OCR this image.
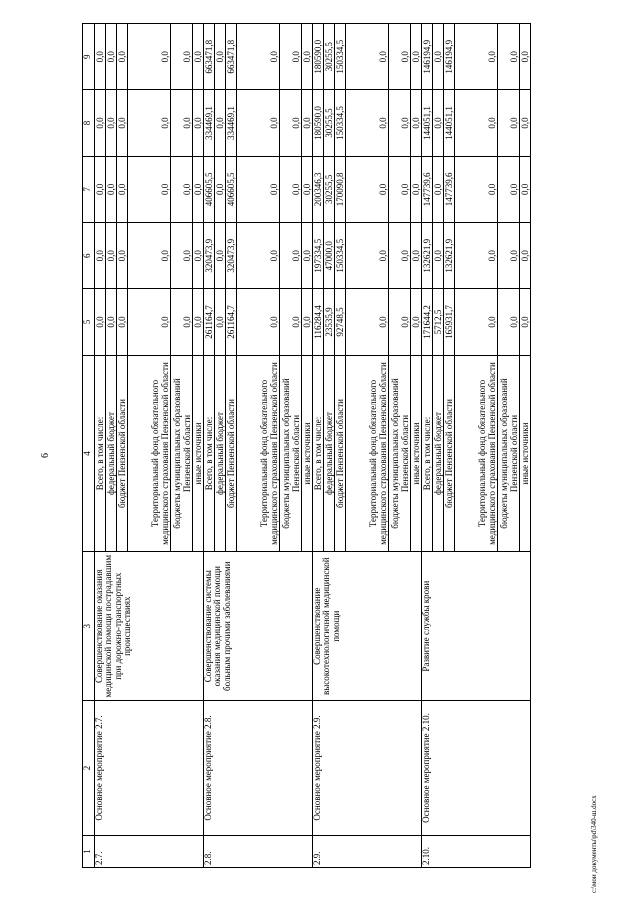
6
1	2	3	4	5	6	7	8	9
2.7.	Основное мероприятие 2.7.	Совершенствование оказания медицинской помощи пострадавшим при дорожно-транспортных происшествиях	Всего, в том числе:	0,0	0,0	0,0	0,0	0,0
			федеральный бюджет	0,0	0,0	0,0	0,0	0,0
			бюджет Пензенской области	0,0	0,0	0,0	0,0	0,0
			Территориальный фонд обязательного медицинского страхования Пензенской области	0,0	0,0	0,0	0,0	0,0
			бюджеты муниципальных образований Пензенской области	0,0	0,0	0,0	0,0	0,0
			иные источники	0,0	0,0	0,0	0,0	0,0
2.8.	Основное мероприятие 2.8.	Совершенствование системы оказания медицинской помощи больным прочими заболеваниями	Всего, в том числе:	261164,7	320473,9	406605,5	334469,1	663471,8
			федеральный бюджет	0,0	0,0	0,0	0,0	0,0
			бюджет Пензенской области	261164,7	320473,9	406605,5	334469,1	663471,8
			Территориальный фонд обязательного медицинского страхования Пензенской области	0,0	0,0	0,0	0,0	0,0
			бюджеты муниципальных образований Пензенской области	0,0	0,0	0,0	0,0	0,0
			иные источники	0,0	0,0	0,0	0,0	0,0
2.9.	Основное мероприятие 2.9.	Совершенствование высокотехнологичной медицинской помощи	Всего, в том числе:	116284,4	197334,5	200346,3	180590,0	180590,0
			федеральный бюджет	23535,9	47000,0	30255,5	30255,5	30255,5
			бюджет Пензенской области	92748,5	150334,5	170090,8	150334,5	150334,5
			Территориальный фонд обязательного медицинского страхования Пензенской области	0,0	0,0	0,0	0,0	0,0
			бюджеты муниципальных образований Пензенской области	0,0	0,0	0,0	0,0	0,0
			иные источники	0,0	0,0	0,0	0,0	0,0
2.10.	Основное мероприятие 2.10.	Развитие службы крови	Всего, в том числе:	171644,2	132621,9	147739,6	144051,1	146194,9
			федеральный бюджет	5712,5	0,0	0,0	0,0	0,0
			бюджет Пензенской области	165931,7	132621,9	147739,6	144051,1	146194,9
			Территориальный фонд обязательного медицинского страхования Пензенской области	0,0	0,0	0,0	0,0	0,0
			бюджеты муниципальных образований Пензенской области	0,0	0,0	0,0	0,0	0,0
			иные источники	0,0	0,0	0,0	0,0	0,0
c:\мои документы\pd\340-ш.docx
